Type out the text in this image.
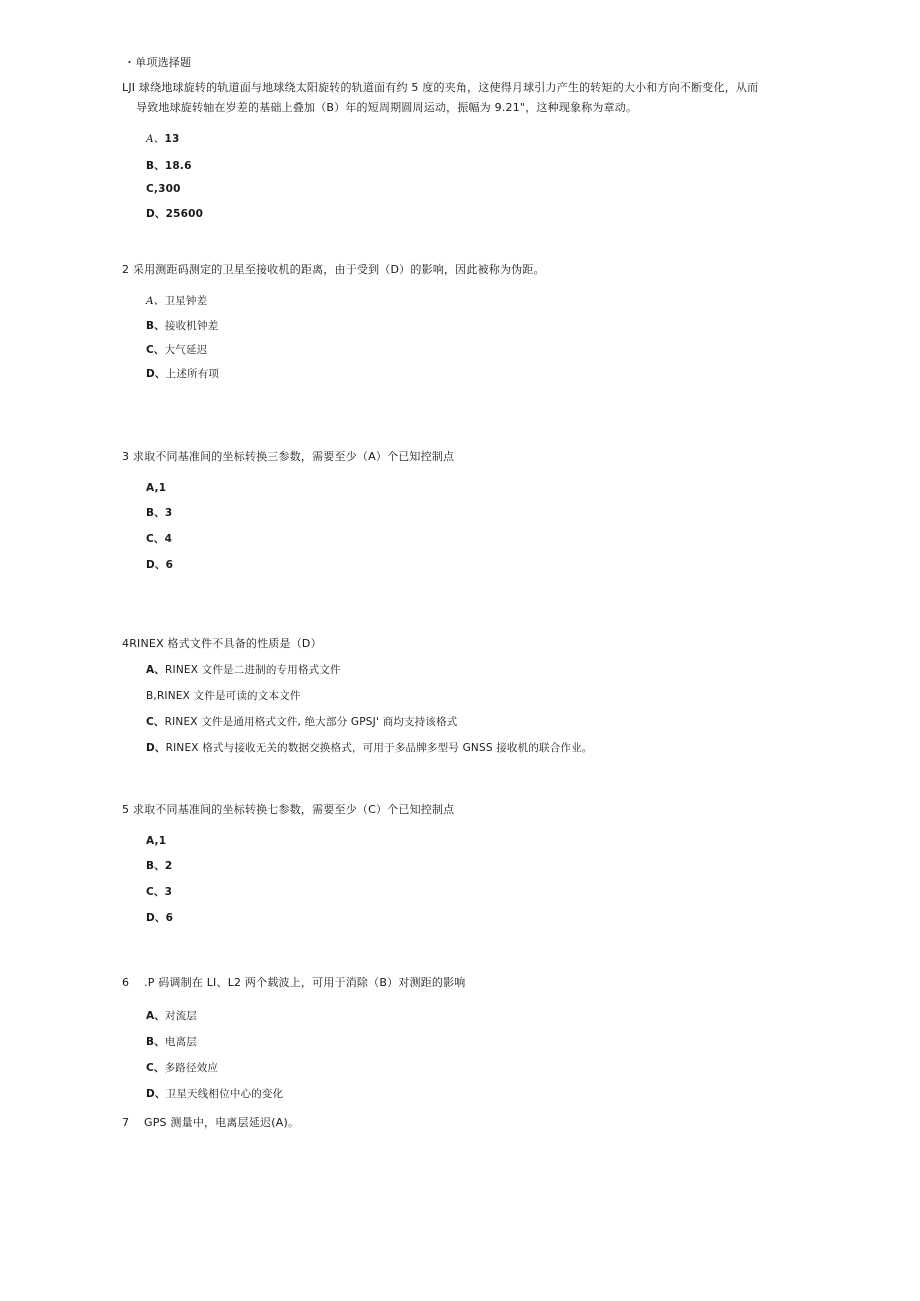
・单项选择题
LJI 球绕地球旋转的轨道面与地球绕太阳旋转的轨道面有约 5 度的夹角，这使得月球引力产生的转矩的大小和方向不断变化，从而
导致地球旋转轴在岁差的基础上叠加（B）年的短周期圆周运动，振幅为 9.21"，这种现象称为章动。
A、13
B、18.6
C,300
D、25600
2 采用测距码测定的卫星至接收机的距离，由于受到（D）的影响，因此被称为伪距。
A、卫星钟差
B、接收机钟差
C、大气延迟
D、上述所有项
3 求取不同基准间的坐标转换三参数，需要至少（A）个已知控制点
A,1
B、3
C、4
D、6
4RINEX 格式文件不具备的性质是（D）
A、RINEX 文件是二进制的专用格式文件
B,RINEX 文件是可读的文本文件
C、RINEX 文件是通用格式文件, 绝大部分 GPSJ' 商均支持该格式
D、RINEX 格式与接收无关的数据交换格式，可用于多品牌多型号 GNSS 接收机的联合作业。
5 求取不同基准间的坐标转换七参数，需要至少（C）个已知控制点
A,1
B、2
C、3
D、6
6 .P 码调制在 LI、L2 两个载波上，可用于消除（B）对测距的影响
A、对流层
B、电离层
C、多路径效应
D、卫星天线相位中心的变化
7 GPS 测量中，电离层延迟(A)。
